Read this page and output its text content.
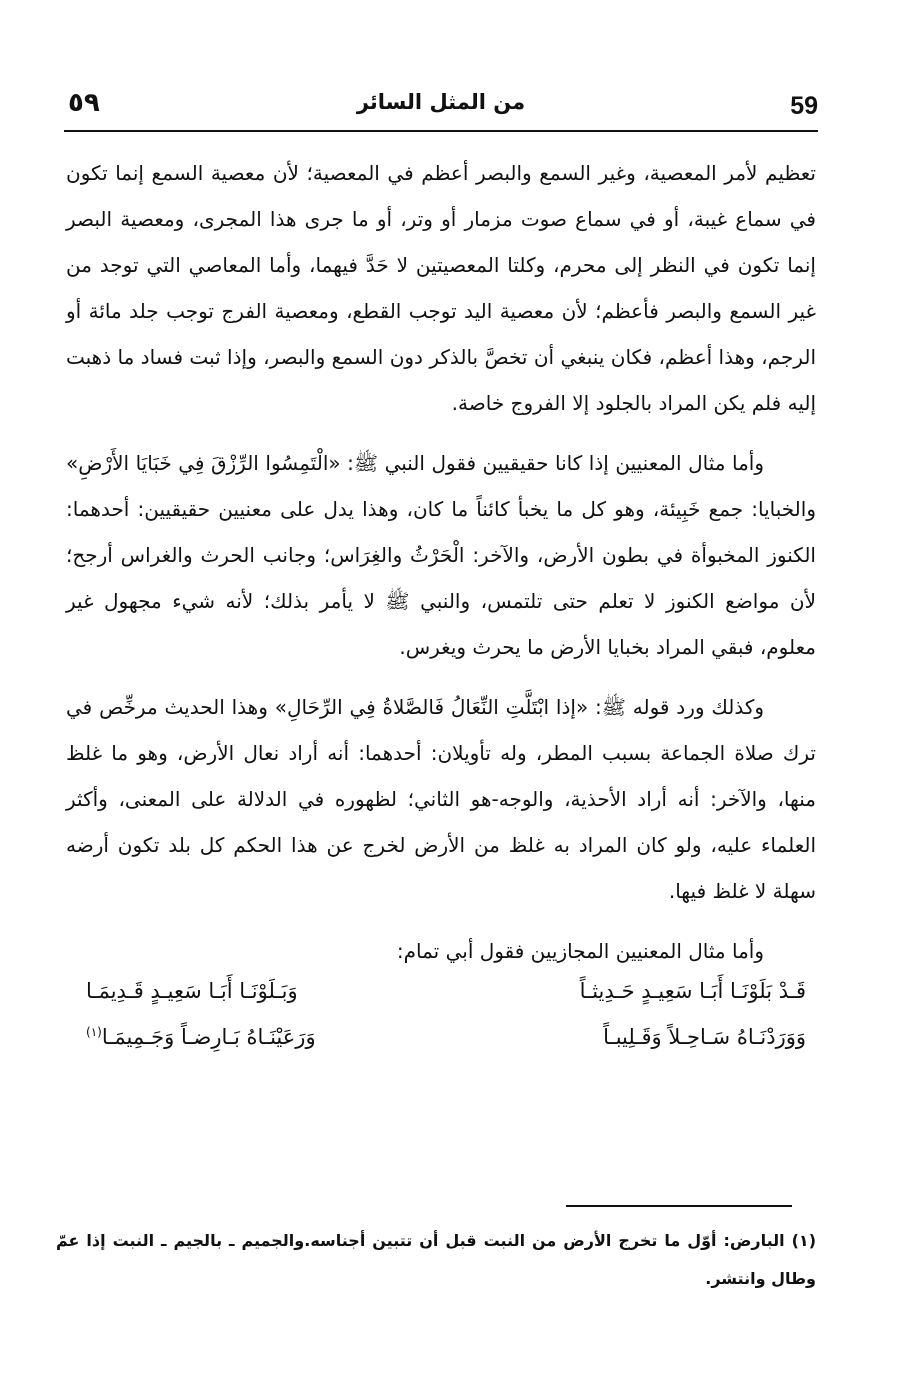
59
من المثل السائر
٥٩

تعظيم لأمر المعصية، وغير السمع والبصر أعظم في المعصية؛ لأن معصية السمع إنما تكون في سماع غيبة، أو في سماع صوت مزمار أو وتر، أو ما جرى هذا المجرى، ومعصية البصر إنما تكون في النظر إلى محرم، وكلتا المعصيتين لا حَدَّ فيهما، وأما المعاصي التي توجد من غير السمع والبصر فأعظم؛ لأن معصية اليد توجب القطع، ومعصية الفرج توجب جلد مائة أو الرجم، وهذا أعظم، فكان ينبغي أن تخصَّ بالذكر دون السمع والبصر، وإذا ثبت فساد ما ذهبت إليه فلم يكن المراد بالجلود إلا الفروج خاصة.

وأما مثال المعنيين إذا كانا حقيقيين فقول النبي ﷺ: «الْتَمِسُوا الرِّزْقَ فِي خَبَايَا الأَرْضِ» والخبايا: جمع خَبِيئة، وهو كل ما يخبأ كائناً ما كان، وهذا يدل على معنيين حقيقيين: أحدهما: الكنوز المخبوأة في بطون الأرض، والآخر: الْحَرْثُ والغِرَاس؛ وجانب الحرث والغراس أرجح؛ لأن مواضع الكنوز لا تعلم حتى تلتمس، والنبي ﷺ لا يأمر بذلك؛ لأنه شيء مجهول غير معلوم، فبقي المراد بخبايا الأرض ما يحرث ويغرس.

وكذلك ورد قوله ﷺ: «إذا ابْتَلَّتِ النِّعَالُ فَالصَّلاةُ فِي الرِّحَالِ» وهذا الحديث مرخِّص في ترك صلاة الجماعة بسبب المطر، وله تأويلان: أحدهما: أنه أراد نعال الأرض، وهو ما غلظ منها، والآخر: أنه أراد الأحذية، والوجه-هو الثاني؛ لظهوره في الدلالة على المعنى، وأكثر العلماء عليه، ولو كان المراد به غلظ من الأرض لخرج عن هذا الحكم كل بلد تكون أرضه سهلة لا غلظ فيها.

وأما مثال المعنيين المجازيين فقول أبي تمام:

قَـدْ بَلَوْنَـا أَبَـا سَعِيـدٍ حَـدِيثـاً
وَبَـلَوْنَـا أَبَـا سَعِيـدٍ قَـدِيمَـا
وَوَرَدْنَـاهُ سَـاحِـلاً وَقَـلِيبـاً
وَرَعَيْنَـاهُ بَـارِضـاً وَجَـمِيمَـا(١)
(١) البارض: أوّل ما تخرج الأرض من النبت قبل أن تتبين أجناسه.والجميم ـ بالجيم ـ النبت إذا عمّ وطال وانتشر.
